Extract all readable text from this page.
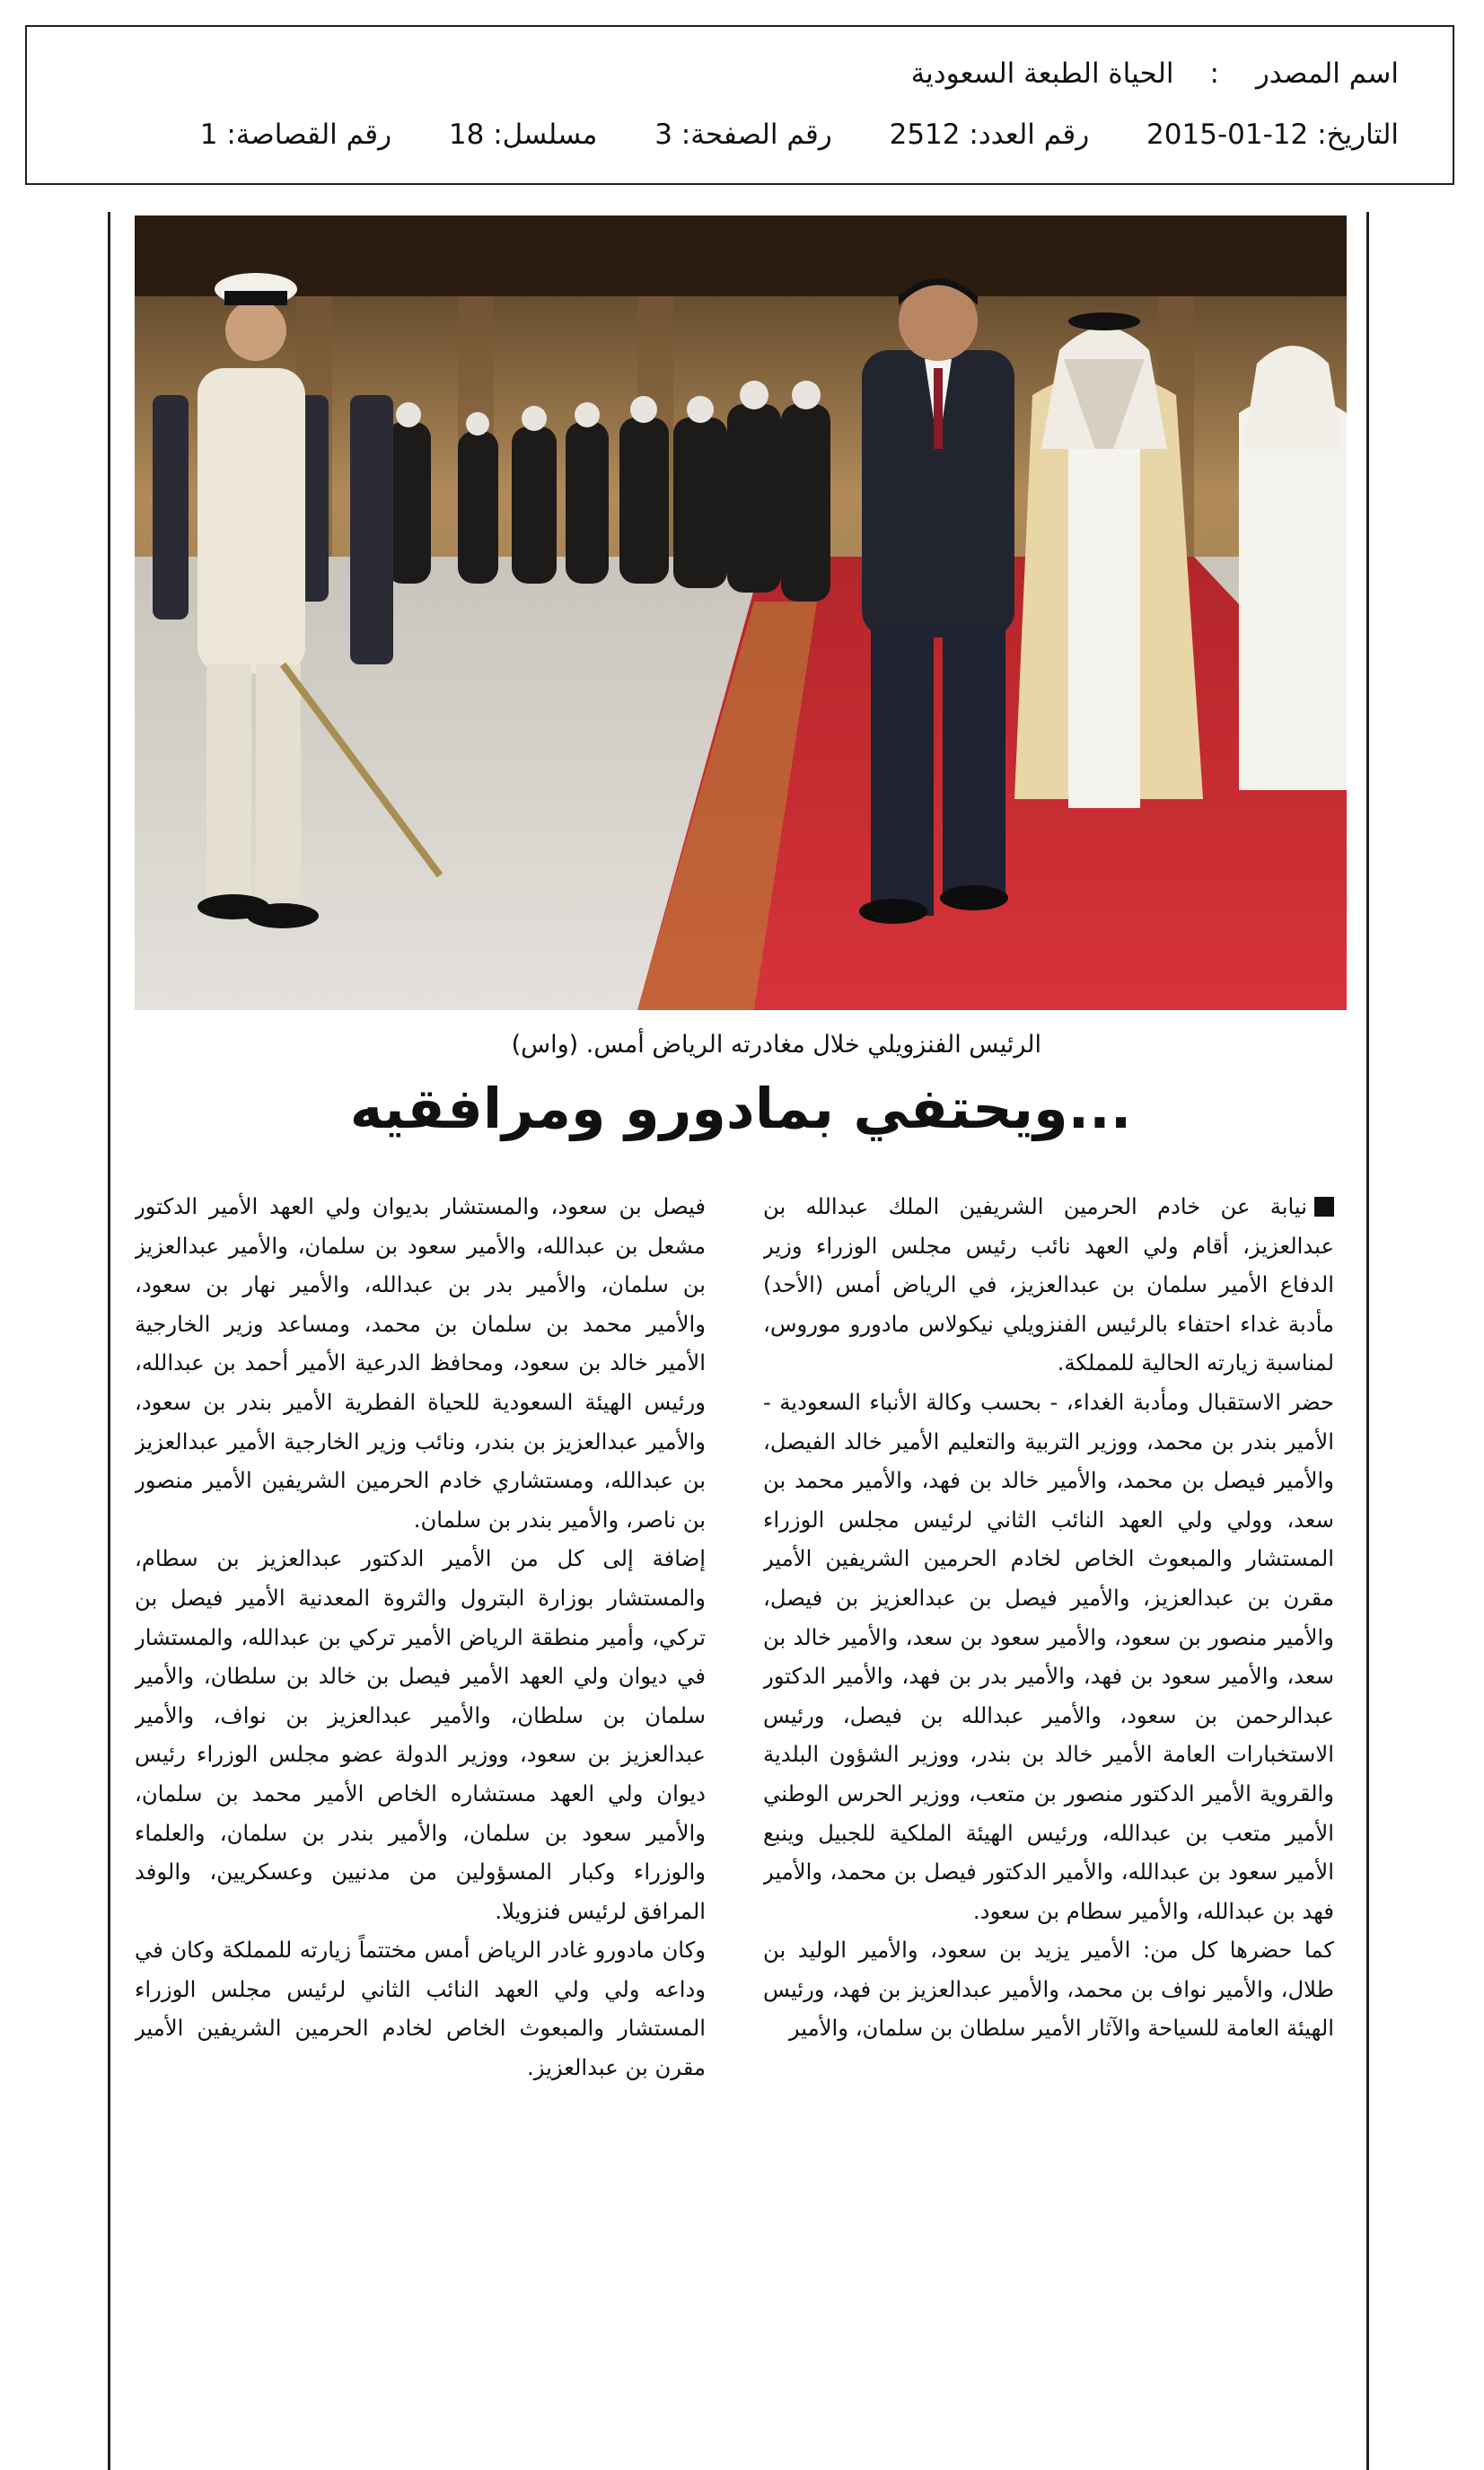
اسم المصدر:الحياة الطبعة السعودية
التاريخ: 12-01-2015 رقم العدد: 2512 رقم الصفحة: 3 مسلسل: 18 رقم القصاصة: 1
الرئيس الفنزويلي خلال مغادرته الرياض أمس. (واس)
...ويحتفي بمادورو ومرافقيه

نيابة عن خادم الحرمين الشريفين الملك عبدالله بن عبدالعزيز، أقام ولي العهد نائب رئيس مجلس الوزراء وزير الدفاع الأمير سلمان بن عبدالعزيز، في الرياض أمس (الأحد) مأدبة غداء احتفاء بالرئيس الفنزويلي نيكولاس مادورو موروس، لمناسبة زيارته الحالية للمملكة.

حضر الاستقبال ومأدبة الغداء، - بحسب وكالة الأنباء السعودية - الأمير بندر بن محمد، ووزير التربية والتعليم الأمير خالد الفيصل، والأمير فيصل بن محمد، والأمير خالد بن فهد، والأمير محمد بن سعد، وولي ولي العهد النائب الثاني لرئيس مجلس الوزراء المستشار والمبعوث الخاص لخادم الحرمين الشريفين الأمير مقرن بن عبدالعزيز، والأمير فيصل بن عبدالعزيز بن فيصل، والأمير منصور بن سعود، والأمير سعود بن سعد، والأمير خالد بن سعد، والأمير سعود بن فهد، والأمير بدر بن فهد، والأمير الدكتور عبدالرحمن بن سعود، والأمير عبدالله بن فيصل، ورئيس الاستخبارات العامة الأمير خالد بن بندر، ووزير الشؤون البلدية والقروية الأمير الدكتور منصور بن متعب، ووزير الحرس الوطني الأمير متعب بن عبدالله، ورئيس الهيئة الملكية للجبيل وينبع الأمير سعود بن عبدالله، والأمير الدكتور فيصل بن محمد، والأمير فهد بن عبدالله، والأمير سطام بن سعود.

كما حضرها كل من: الأمير يزيد بن سعود، والأمير الوليد بن طلال، والأمير نواف بن محمد، والأمير عبدالعزيز بن فهد، ورئيس الهيئة العامة للسياحة والآثار الأمير سلطان بن سلمان، والأمير

فيصل بن سعود، والمستشار بديوان ولي العهد الأمير الدكتور مشعل بن عبدالله، والأمير سعود بن سلمان، والأمير عبدالعزيز بن سلمان، والأمير بدر بن عبدالله، والأمير نهار بن سعود، والأمير محمد بن سلمان بن محمد، ومساعد وزير الخارجية الأمير خالد بن سعود، ومحافظ الدرعية الأمير أحمد بن عبدالله، ورئيس الهيئة السعودية للحياة الفطرية الأمير بندر بن سعود، والأمير عبدالعزيز بن بندر، ونائب وزير الخارجية الأمير عبدالعزيز بن عبدالله، ومستشاري خادم الحرمين الشريفين الأمير منصور بن ناصر، والأمير بندر بن سلمان.

إضافة إلى كل من الأمير الدكتور عبدالعزيز بن سطام، والمستشار بوزارة البترول والثروة المعدنية الأمير فيصل بن تركي، وأمير منطقة الرياض الأمير تركي بن عبدالله، والمستشار في ديوان ولي العهد الأمير فيصل بن خالد بن سلطان، والأمير سلمان بن سلطان، والأمير عبدالعزيز بن نواف، والأمير عبدالعزيز بن سعود، ووزير الدولة عضو مجلس الوزراء رئيس ديوان ولي العهد مستشاره الخاص الأمير محمد بن سلمان، والأمير سعود بن سلمان، والأمير بندر بن سلمان، والعلماء والوزراء وكبار المسؤولين من مدنيين وعسكريين، والوفد المرافق لرئيس فنزويلا.

وكان مادورو غادر الرياض أمس مختتماً زيارته للمملكة وكان في وداعه ولي ولي العهد النائب الثاني لرئيس مجلس الوزراء المستشار والمبعوث الخاص لخادم الحرمين الشريفين الأمير مقرن بن عبدالعزيز.
